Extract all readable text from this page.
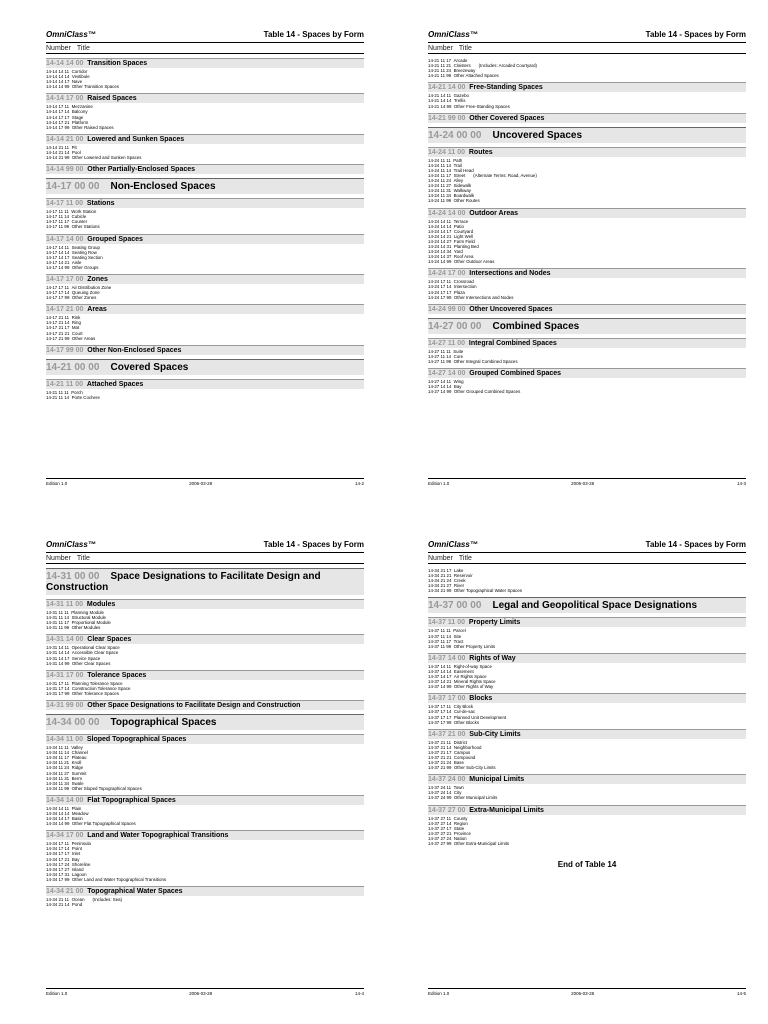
OmniClass™	Table 14 - Spaces by Form
Number Title
14-14 14 00 Transition Spaces
14-14 14 11 Corridor
14-14 14 14 Vestibule
14-14 14 17 Nave
14-14 14 99 Other Transition Spaces
14-14 17 00 Raised Spaces
14-14 17 11 Mezzanine
14-14 17 14 Balcony
14-14 17 17 Stage
14-14 17 21 Platform
14-14 17 99 Other Raised Spaces
14-14 21 00 Lowered and Sunken Spaces
14-14 21 11 Pit
14-14 21 14 Pool
14-14 21 99 Other Lowered and Sunken Spaces
14-14 99 00 Other Partially-Enclosed Spaces
14-17 00 00 Non-Enclosed Spaces
14-17 11 00 Stations
14-17 11 11 Work Station
14-17 11 14 Cubicle
14-17 11 17 Counter
14-17 11 99 Other Stations
14-17 14 00 Grouped Spaces
14-17 14 11 Seating Group
14-17 14 14 Seating Row
14-17 14 17 Seating Section
14-17 14 21 Aisle
14-17 14 99 Other Groups
14-17 17 00 Zones
14-17 17 11 Air Distribution Zone
14-17 17 14 Queuing Zone
14-17 17 99 Other Zones
14-17 21 00 Areas
14-17 21 11 Rink
14-17 21 14 Ring
14-17 21 17 Mat
14-17 21 21 Court
14-17 21 99 Other Areas
14-17 99 00 Other Non-Enclosed Spaces
14-21 00 00 Covered Spaces
14-21 11 00 Attached Spaces
14-21 11 11 Porch
14-21 11 14 Porte Cochere
Edition 1.0	2006-03-28	14-2
OmniClass™	Table 14 - Spaces by Form
Number Title
14-21 11 17 Arcade
14-21 11 21 Cloisters (Includes: Arcaded Courtyard)
14-21 11 24 Breezeway
14-21 11 99 Other Attached Spaces
14-21 14 00 Free-Standing Spaces
14-21 14 11 Gazebo
14-21 14 14 Trellis
14-21 14 99 Other Free-Standing Spaces
14-21 99 00 Other Covered Spaces
14-24 00 00 Uncovered Spaces
14-24 11 00 Routes
14-24 11 11 Path
14-24 11 14 Trail
14-24 11 14 Trail Head
14-24 11 17 Street (Alternate Terms: Road, Avenue)
14-24 11 24 Alley
14-24 11 27 Sidewalk
14-24 11 31 Walkway
14-24 11 34 Boardwalk
14-24 11 99 Other Routes
14-24 14 00 Outdoor Areas
14-24 14 11 Terrace
14-24 14 14 Patio
14-24 14 17 Courtyard
14-24 14 21 Light Well
14-24 14 27 Farm Field
14-24 14 31 Planting Bed
14-24 14 34 Yard
14-24 14 37 Roof Area
14-24 14 99 Other Outdoor Areas
14-24 17 00 Intersections and Nodes
14-24 17 11 Crossroad
14-24 17 14 Intersection
14-24 17 17 Plaza
14-24 17 99 Other Intersections and Nodes
14-24 99 00 Other Uncovered Spaces
14-27 00 00 Combined Spaces
14-27 11 00 Integral Combined Spaces
14-27 11 11 Suite
14-27 11 14 Core
14-27 11 99 Other Integral Combined Spaces
14-27 14 00 Grouped Combined Spaces
14-27 14 11 Wing
14-27 14 14 Bay
14-27 14 99 Other Grouped Combined Spaces
Edition 1.0	2006-03-28	14-3
OmniClass™	Table 14 - Spaces by Form
Number Title
14-31 00 00 Space Designations to Facilitate Design and Construction
14-31 11 00 Modules
14-31 11 11 Planning Module
14-31 11 14 Structural Module
14-31 11 17 Proportional Module
14-31 11 99 Other Modules
14-31 14 00 Clear Spaces
14-31 14 11 Operational Clear Space
14-31 14 14 Accessible Clear Space
14-31 14 17 Service Space
14-31 14 99 Other Clear Spaces
14-31 17 00 Tolerance Spaces
14-31 17 11 Planning Tolerance Space
14-31 17 14 Construction Tolerance Space
14-31 17 99 Other Tolerance Spaces
14-31 99 00 Other Space Designations to Facilitate Design and Construction
14-34 00 00 Topographical Spaces
14-34 11 00 Sloped Topographical Spaces
14-34 11 11 Valley
14-34 11 14 Channel
14-34 11 17 Plateau
14-34 11 21 Knoll
14-34 11 24 Ridge
14-34 11 27 Summit
14-34 11 31 Berm
14-34 11 34 Swale
14-34 11 99 Other Sloped Topographical Spaces
14-34 14 00 Flat Topographical Spaces
14-34 14 11 Plain
14-34 14 14 Meadow
14-34 14 17 Basin
14-34 14 99 Other Flat Topographical Spaces
14-34 17 00 Land and Water Topographical Transitions
14-34 17 11 Peninsula
14-34 17 14 Point
14-34 17 17 Inlet
14-34 17 21 Bay
14-34 17 24 Shoreline
14-34 17 27 Island
14-34 17 31 Lagoon
14-34 17 99 Other Land and Water Topographical Transitions
14-34 21 00 Topographical Water Spaces
14-34 21 11 Ocean (Includes: Sea)
14-34 21 14 Pond
Edition 1.0	2006-03-28	14-4
OmniClass™	Table 14 - Spaces by Form
Number Title
14-34 21 17 Lake
14-34 21 21 Reservoir
14-34 21 24 Creek
14-34 21 27 River
14-34 21 99 Other Topographical Water Spaces
14-37 00 00 Legal and Geopolitical Space Designations
14-37 11 00 Property Limits
14-37 11 11 Parcel
14-37 11 14 Site
14-37 11 17 Tract
14-37 11 99 Other Property Limits
14-37 14 00 Rights of Way
14-37 14 11 Right-of-way Space
14-37 14 14 Easement
14-37 14 17 Air Rights Space
14-37 14 21 Mineral Rights Space
14-37 14 99 Other Rights of Way
14-37 17 00 Blocks
14-37 17 11 City Block
14-37 17 14 Cul-de-sac
14-37 17 17 Planned Unit Development
14-37 17 99 Other Blocks
14-37 21 00 Sub-City Limits
14-37 21 11 District
14-37 21 14 Neighborhood
14-37 21 17 Campus
14-37 21 21 Compound
14-37 21 24 Base
14-37 21 99 Other Sub-City Limits
14-37 24 00 Municipal Limits
14-37 24 11 Town
14-37 24 14 City
14-37 24 99 Other Municipal Limits
14-37 27 00 Extra-Municipal Limits
14-37 27 11 County
14-37 27 14 Region
14-37 27 17 State
14-37 27 21 Province
14-37 27 24 Nation
14-37 27 99 Other Extra-Municipal Limits
End of Table 14
Edition 1.0	2006-03-28	14-5
